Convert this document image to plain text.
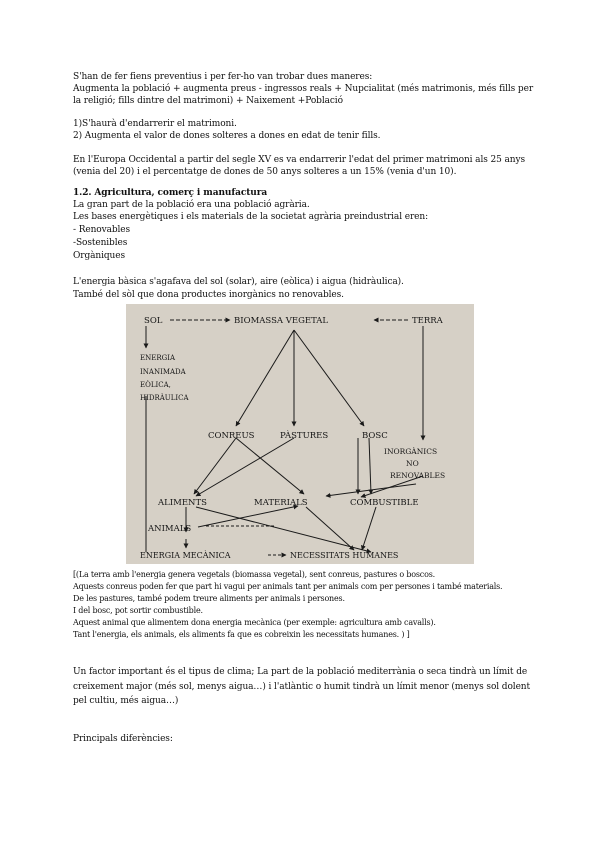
S'han de fer fiens preventius i per fer-ho van trobar dues maneres:
Augmenta la població + augmenta preus - ingressos reals + Nupcialitat (més matrimonis, més fills per
la religió; fills dintre del matrimoni) + Naixement +Població
1)S'haurà d'endarrerir el matrimoni.
2) Augmenta el valor de dones solteres a dones en edat de tenir fills.
En l'Europa Occidental a partir del segle XV es va endarrerir l'edat del primer matrimoni als 25 anys
(venia del 20) i el percentatge de dones de 50 anys solteres a un 15% (venia d'un 10).
1.2. Agricultura, comerç i manufactura
La gran part de la població era una població agrària.
Les bases energètiques i els materials de la societat agrària preindustrial eren:
- Renovables
-Sostenibles
Orgàniques
L'energia bàsica s'agafava del sol (solar), aire (eòlica) i aigua (hidràulica).
També del sòl que dona productes inorgànics no renovables.
SOL	BIOMASSA VEGETAL	TERRA
ENERGIA
INANIMADA
EÒLICA,
HIDRÀULICA
CONREUS	PÀSTURES	BOSC
INORGÀNICS
NO
RENOVABLES
ALIMENTS	MATERIALS	COMBUSTIBLE
ANIMALS
ENERGIA MECÀNICA	NECESSITATS HUMANES
[(La terra amb l'energia genera vegetals (biomassa vegetal), sent conreus, pastures o boscos.
Aquests conreus poden fer que part hi vagui per animals tant per animals com per persones i també materials.
De les pastures, també podem treure aliments per animals i persones.
I del bosc, pot sortir combustible.
Aquest animal que alimentem dona energia mecànica (per exemple: agricultura amb cavalls).
Tant l'energia, els animals, els aliments fa que es cobreixin les necessitats humanes. ) ]
Un factor important és el tipus de clima; La part de la població mediterrània o seca tindrà un límit de
creixement major (més sol, menys aigua…) i l'atlàntic o humit tindrà un límit menor (menys sol dolent
pel cultiu, més aigua…)
Principals diferències:
